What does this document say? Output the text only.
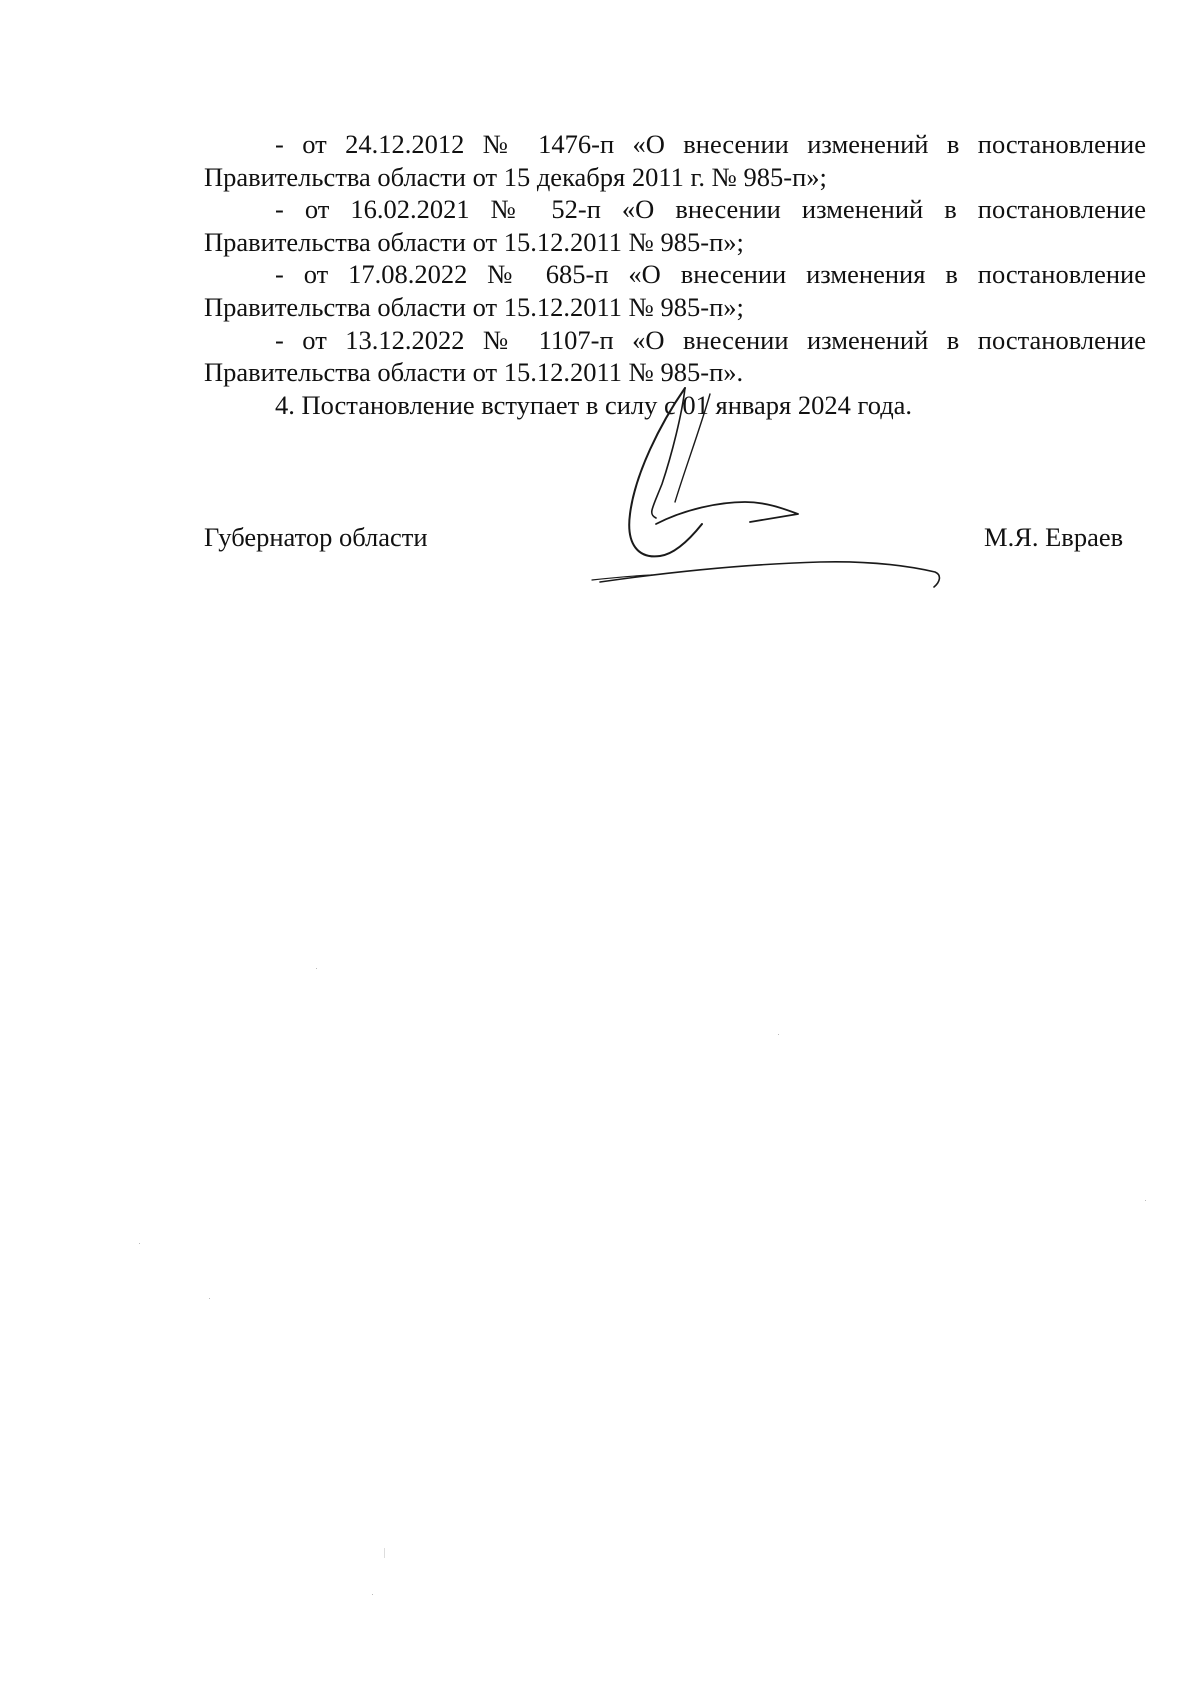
- от 24.12.2012 № 1476-п «О внесении изменений в постановление
Правительства области от 15 декабря 2011 г. № 985-п»;
- от 16.02.2021 № 52-п «О внесении изменений в постановление
Правительства области от 15.12.2011 № 985-п»;
- от 17.08.2022 № 685-п «О внесении изменения в постановление
Правительства области от 15.12.2011 № 985-п»;
- от 13.12.2022 № 1107-п «О внесении изменений в постановление
Правительства области от 15.12.2011 № 985-п».
4. Постановление вступает в силу с 01 января 2024 года.
Губернатор области	М.Я. Евраев
